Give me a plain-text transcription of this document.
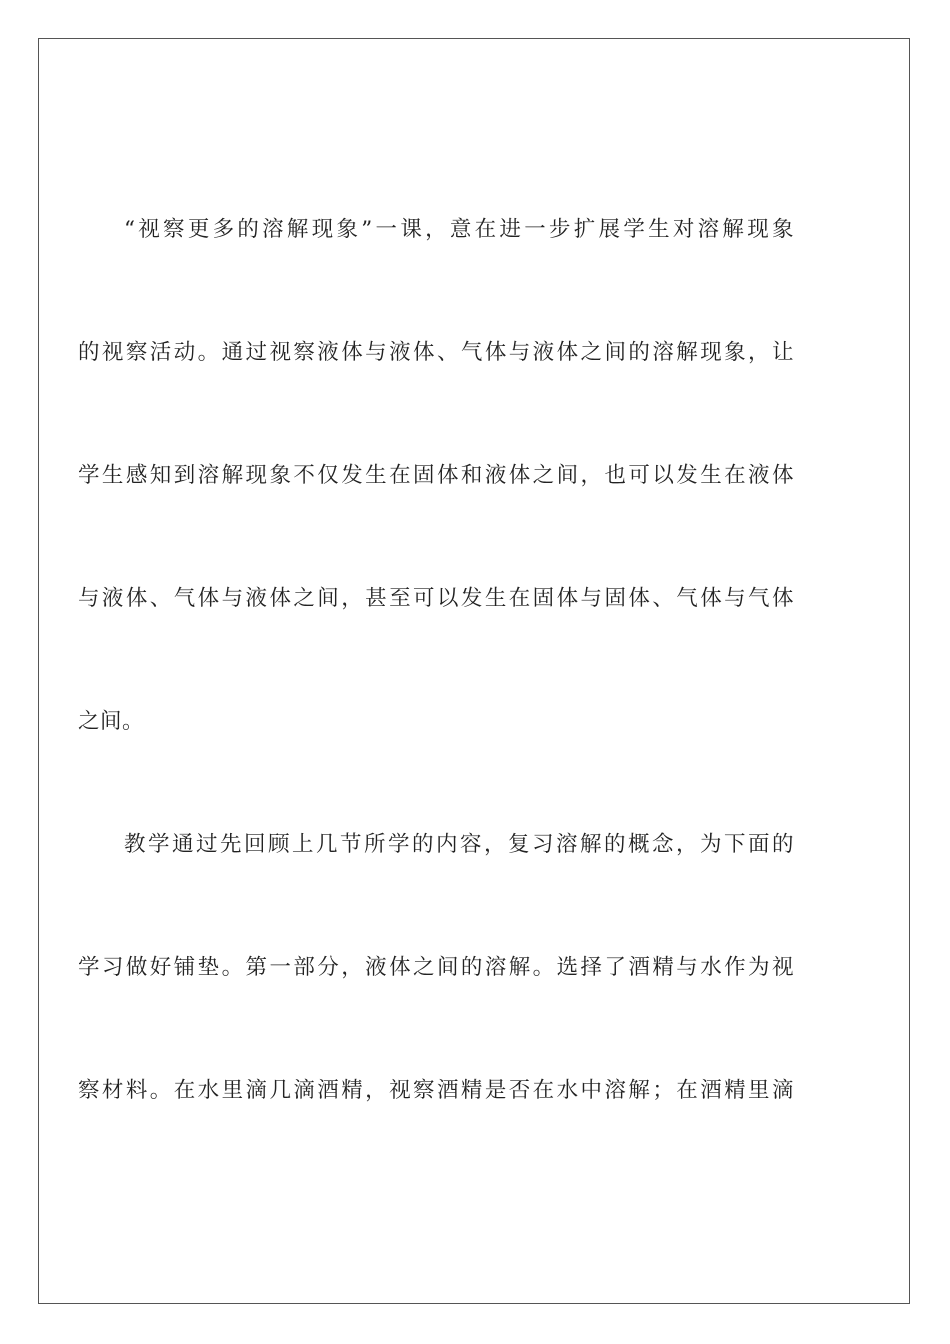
“视察更多的溶解现象”一课，意在进一步扩展学生对溶解现象
的视察活动。通过视察液体与液体、气体与液体之间的溶解现象，让
学生感知到溶解现象不仅发生在固体和液体之间，也可以发生在液体
与液体、气体与液体之间，甚至可以发生在固体与固体、气体与气体
之间。
教学通过先回顾上几节所学的内容，复习溶解的概念，为下面的
学习做好铺垫。第一部分，液体之间的溶解。选择了酒精与水作为视
察材料。在水里滴几滴酒精，视察酒精是否在水中溶解；在酒精里滴
